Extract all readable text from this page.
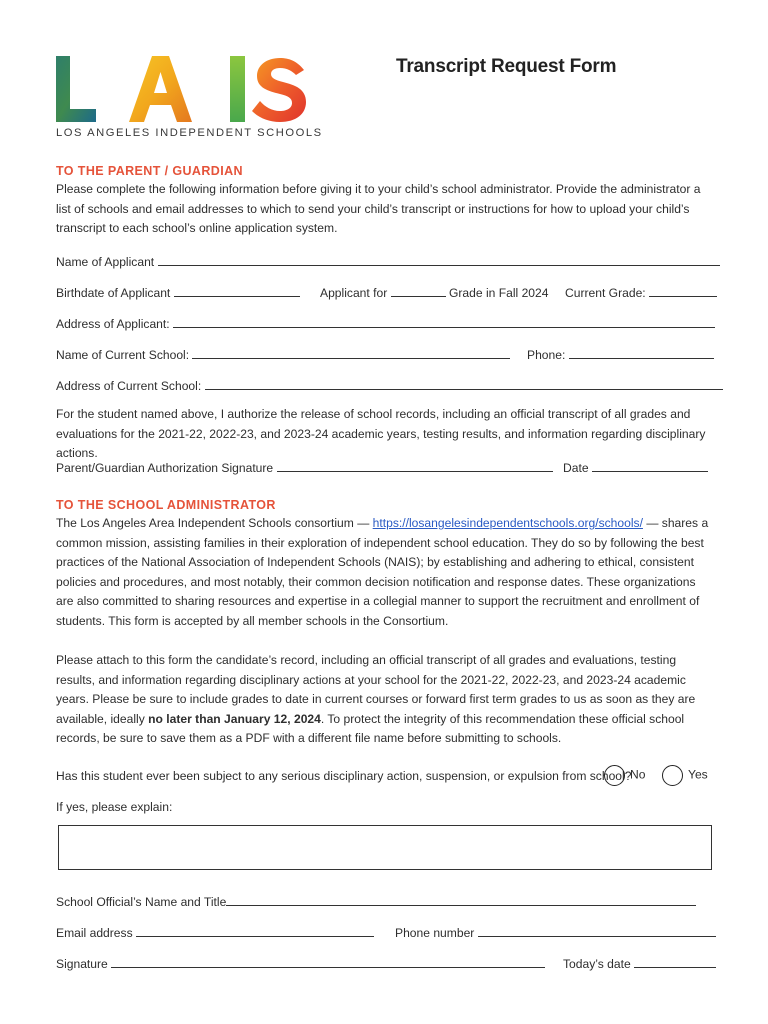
LOS ANGELES INDEPENDENT SCHOOLS
Transcript Request Form
TO THE PARENT / GUARDIAN
Please complete the following information before giving it to your child’s school administrator. Provide the administrator a list of schools and email addresses to which to send your child’s transcript or instructions for how to upload your child’s transcript to each school’s online application system.
Name of Applicant
Birthdate of Applicant	Applicant for	Grade in Fall 2024 Current Grade:
Address of Applicant:
Name of Current School:	Phone:
Address of Current School:
For the student named above, I authorize the release of school records, including an official transcript of all grades and evaluations for the 2021-22, 2022-23, and 2023-24 academic years, testing results, and information regarding disciplinary actions.
Parent/Guardian Authorization Signature	Date
TO THE SCHOOL ADMINISTRATOR

The Los Angeles Area Independent Schools consortium — https://losangelesindependentschools.org/schools/ — shares a common mission, assisting families in their exploration of independent school education. They do so by following the best practices of the National Association of Independent Schools (NAIS); by establishing and adhering to ethical, consistent policies and procedures, and most notably, their common decision notification and response dates. These organizations are also committed to sharing resources and expertise in a collegial manner to support the recruitment and enrollment of students. This form is accepted by all member schools in the Consortium.

Please attach to this form the candidate’s record, including an official transcript of all grades and evaluations, testing results, and information regarding disciplinary actions at your school for the 2021-22, 2022-23, and 2023-24 academic years. Please be sure to include grades to date in current courses or forward first term grades to us as soon as they are available, ideally no later than January 12, 2024. To protect the integrity of this recommendation these official school records, be sure to save them as a PDF with a different file name before submitting to schools.

Has this student ever been subject to any serious disciplinary action, suspension, or expulsion from school?
No	Yes
If yes, please explain:
School Official’s Name and Title
Email address	Phone number
Signature	Today’s date
